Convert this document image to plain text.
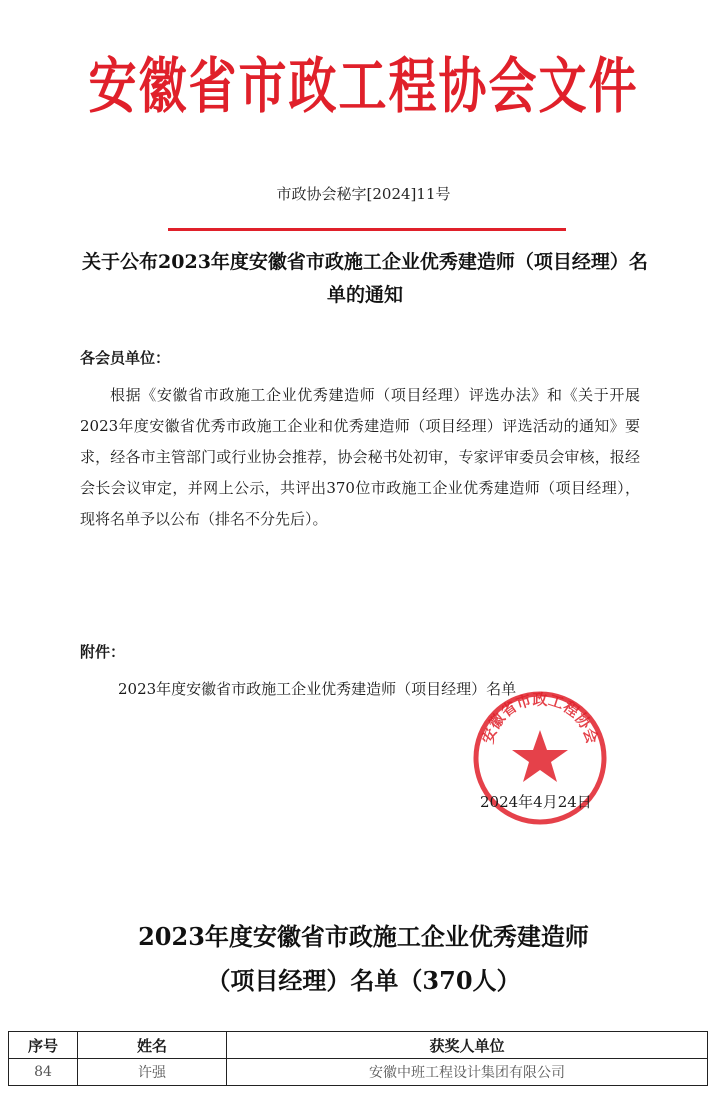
安徽省市政工程协会文件
市政协会秘字[2024]11号
关于公布2023年度安徽省市政施工企业优秀建造师（项目经理）名单的通知
各会员单位：
根据《安徽省市政施工企业优秀建造师（项目经理）评选办法》和《关于开展2023年度安徽省优秀市政施工企业和优秀建造师（项目经理）评选活动的通知》要求，经各市主管部门或行业协会推荐，协会秘书处初审，专家评审委员会审核，报经会长会议审定，并网上公示，共评出370位市政施工企业优秀建造师（项目经理），现将名单予以公布（排名不分先后）。
附件：
2023年度安徽省市政施工企业优秀建造师（项目经理）名单
安徽省市政工程协会
2024年4月24日
2023年度安徽省市政施工企业优秀建造师
（项目经理）名单（370人）
序号	姓名	获奖人单位
84	许强	安徽中班工程设计集团有限公司
